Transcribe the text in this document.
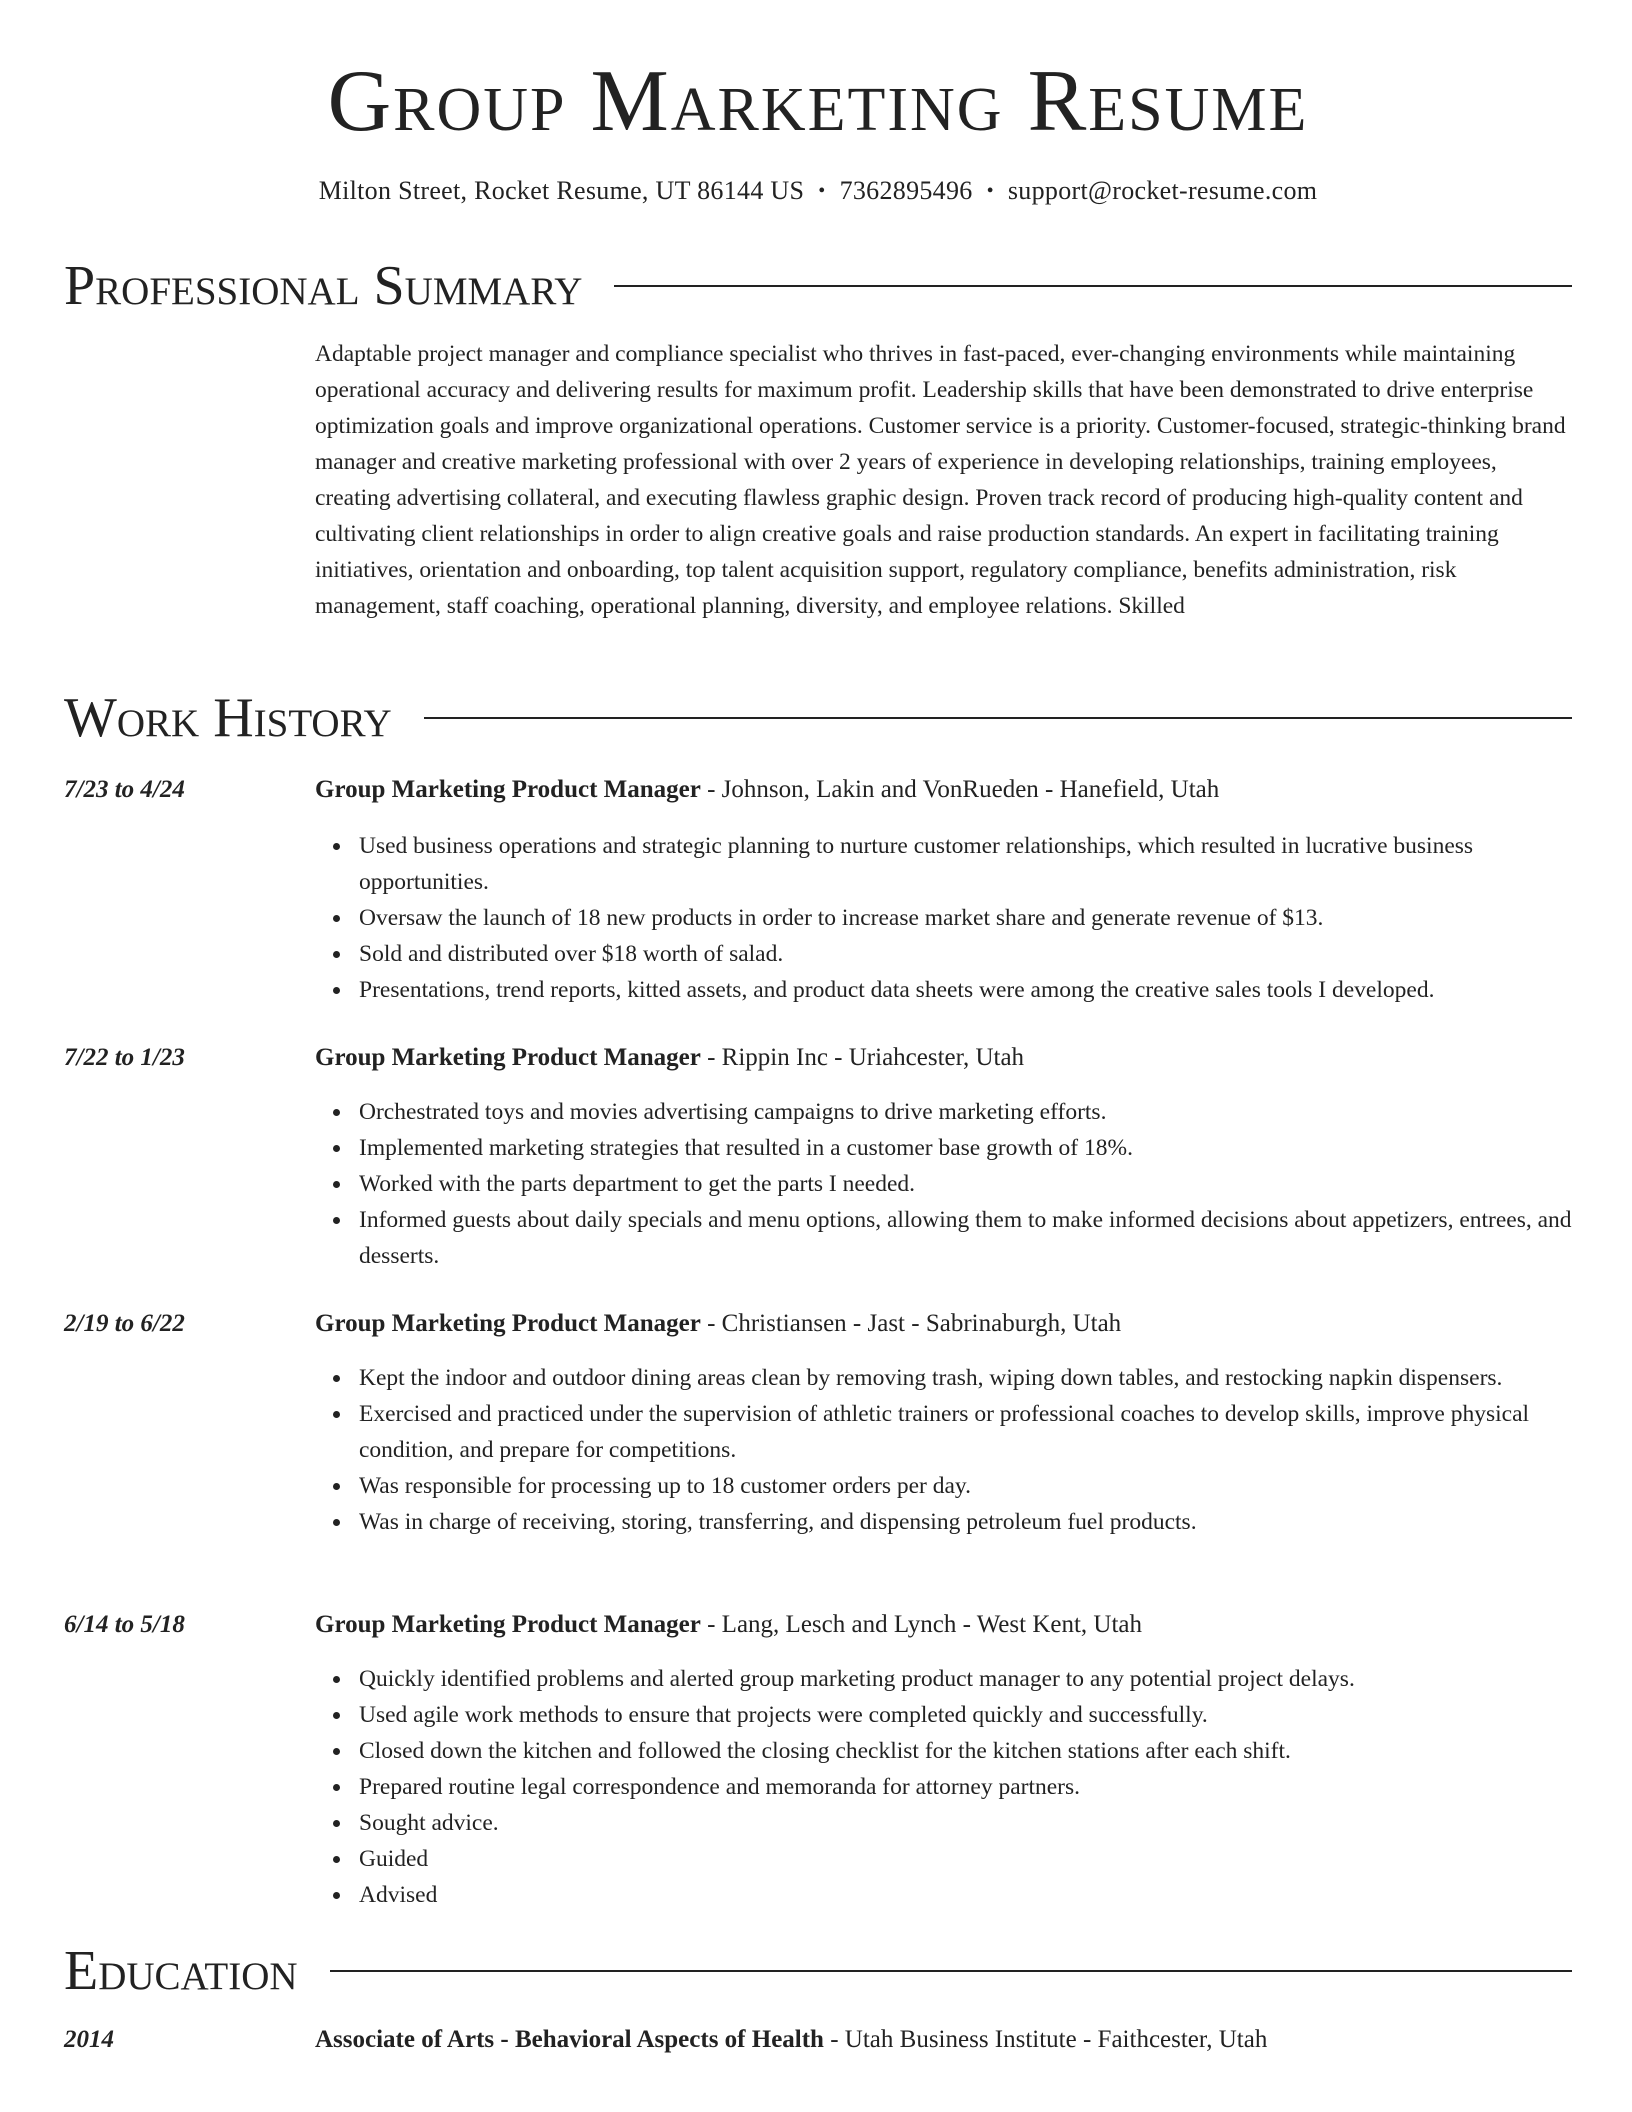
Group Marketing Resume
Milton Street, Rocket Resume, UT 86144 US • 7362895496 • support@rocket-resume.com
Professional Summary
Adaptable project manager and compliance specialist who thrives in fast-paced, ever-changing environments while maintaining operational accuracy and delivering results for maximum profit. Leadership skills that have been demonstrated to drive enterprise optimization goals and improve organizational operations. Customer service is a priority. Customer-focused, strategic-thinking brand manager and creative marketing professional with over 2 years of experience in developing relationships, training employees, creating advertising collateral, and executing flawless graphic design. Proven track record of producing high-quality content and cultivating client relationships in order to align creative goals and raise production standards. An expert in facilitating training initiatives, orientation and onboarding, top talent acquisition support, regulatory compliance, benefits administration, risk management, staff coaching, operational planning, diversity, and employee relations. Skilled
Work History
7/23 to 4/24	Group Marketing Product Manager - Johnson, Lakin and VonRueden - Hanefield, Utah
Used business operations and strategic planning to nurture customer relationships, which resulted in lucrative business opportunities.
Oversaw the launch of 18 new products in order to increase market share and generate revenue of $13.
Sold and distributed over $18 worth of salad.
Presentations, trend reports, kitted assets, and product data sheets were among the creative sales tools I developed.
7/22 to 1/23	Group Marketing Product Manager - Rippin Inc - Uriahcester, Utah
Orchestrated toys and movies advertising campaigns to drive marketing efforts.
Implemented marketing strategies that resulted in a customer base growth of 18%.
Worked with the parts department to get the parts I needed.
Informed guests about daily specials and menu options, allowing them to make informed decisions about appetizers, entrees, and desserts.
2/19 to 6/22	Group Marketing Product Manager - Christiansen - Jast - Sabrinaburgh, Utah
Kept the indoor and outdoor dining areas clean by removing trash, wiping down tables, and restocking napkin dispensers.
Exercised and practiced under the supervision of athletic trainers or professional coaches to develop skills, improve physical condition, and prepare for competitions.
Was responsible for processing up to 18 customer orders per day.
Was in charge of receiving, storing, transferring, and dispensing petroleum fuel products.
6/14 to 5/18	Group Marketing Product Manager - Lang, Lesch and Lynch - West Kent, Utah
Quickly identified problems and alerted group marketing product manager to any potential project delays.
Used agile work methods to ensure that projects were completed quickly and successfully.
Closed down the kitchen and followed the closing checklist for the kitchen stations after each shift.
Prepared routine legal correspondence and memoranda for attorney partners.
Sought advice.
Guided
Advised
Education
2014	Associate of Arts - Behavioral Aspects of Health - Utah Business Institute - Faithcester, Utah
